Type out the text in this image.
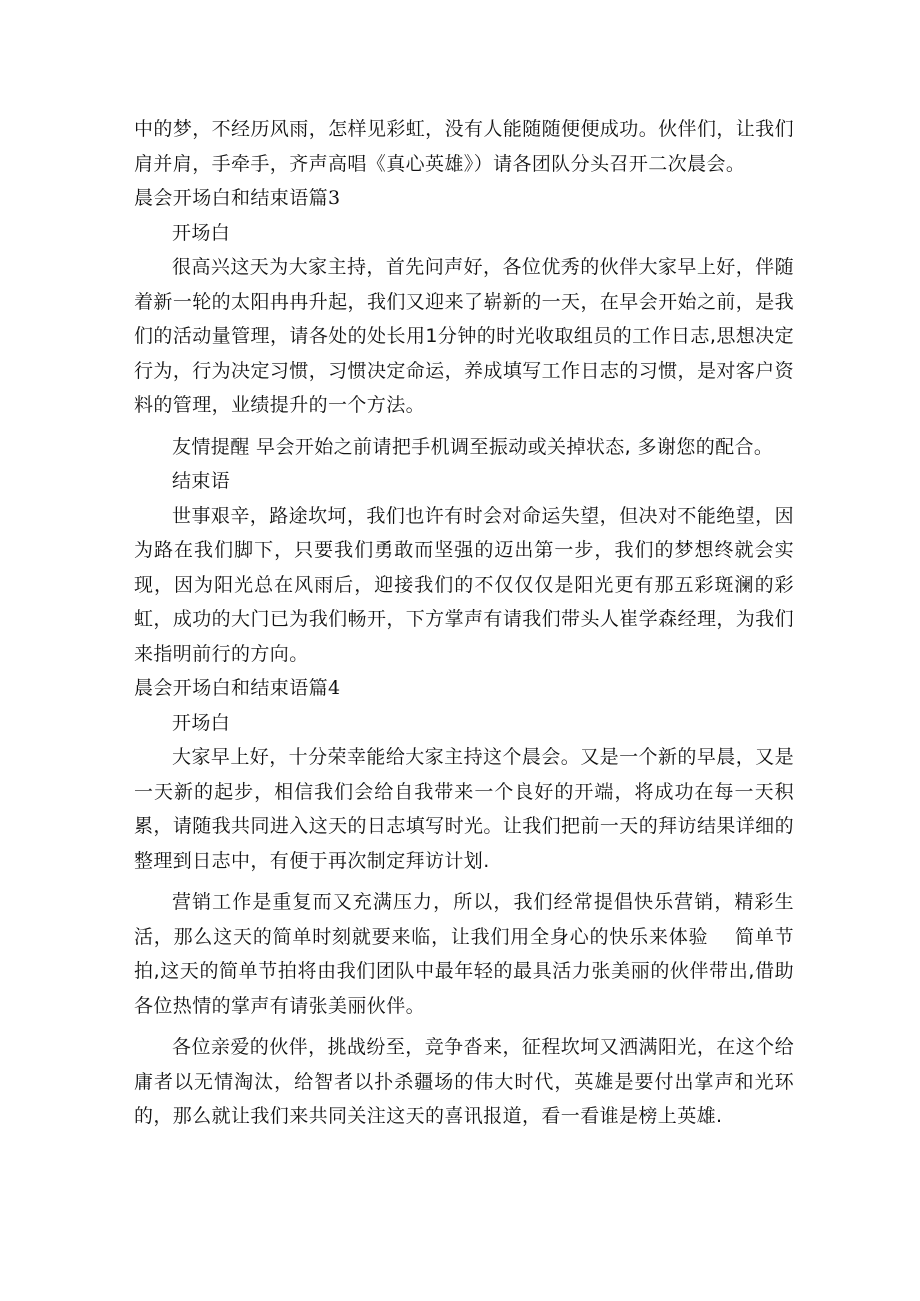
中的梦，不经历风雨，怎样见彩虹，没有人能随随便便成功。伙伴们，让我们肩并肩，手牵手，齐声高唱《真心英雄》）请各团队分头召开二次晨会。

晨会开场白和结束语篇3

开场白

很高兴这天为大家主持，首先问声好，各位优秀的伙伴大家早上好，伴随着新一轮的太阳冉冉升起，我们又迎来了崭新的一天，在早会开始之前，是我们的活动量管理，请各处的处长用1分钟的时光收取组员的工作日志,思想决定行为，行为决定习惯，习惯决定命运，养成填写工作日志的习惯，是对客户资料的管理，业绩提升的一个方法。

友情提醒 早会开始之前请把手机调至振动或关掉状态, 多谢您的配合。

结束语

世事艰辛，路途坎坷，我们也许有时会对命运失望，但决对不能绝望，因为路在我们脚下，只要我们勇敢而坚强的迈出第一步，我们的梦想终就会实现，因为阳光总在风雨后，迎接我们的不仅仅仅是阳光更有那五彩斑澜的彩虹，成功的大门已为我们畅开，下方掌声有请我们带头人崔学森经理，为我们来指明前行的方向。

晨会开场白和结束语篇4

开场白

大家早上好，十分荣幸能给大家主持这个晨会。又是一个新的早晨，又是一天新的起步，相信我们会给自我带来一个良好的开端，将成功在每一天积累，请随我共同进入这天的日志填写时光。让我们把前一天的拜访结果详细的整理到日志中，有便于再次制定拜访计划.

营销工作是重复而又充满压力，所以，我们经常提倡快乐营销，精彩生活，那么这天的简单时刻就要来临，让我们用全身心的快乐来体验　 简单节拍,这天的简单节拍将由我们团队中最年轻的最具活力张美丽的伙伴带出,借助各位热情的掌声有请张美丽伙伴。

各位亲爱的伙伴，挑战纷至，竞争沓来，征程坎坷又洒满阳光，在这个给庸者以无情淘汰，给智者以扑杀疆场的伟大时代，英雄是要付出掌声和光环的，那么就让我们来共同关注这天的喜讯报道，看一看谁是榜上英雄.
